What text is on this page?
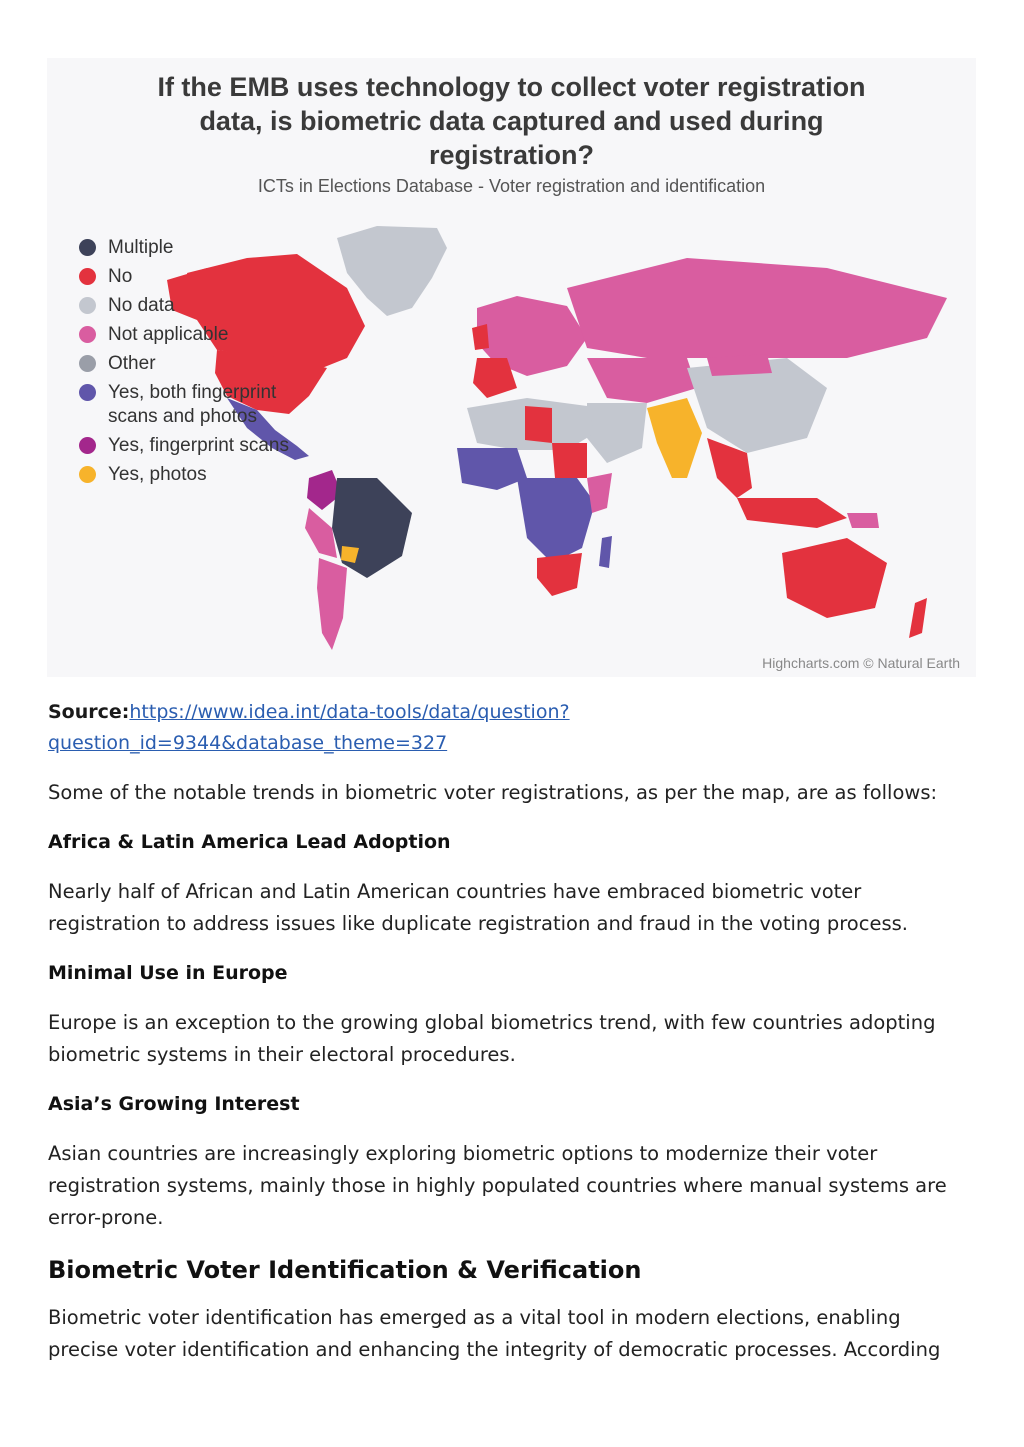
If the EMB uses technology to collect voter registration
data, is biometric data captured and used during
registration?
ICTs in Elections Database - Voter registration and identification
Multiple
No
No data
Not applicable
Other
Yes, both fingerprint scans and photos
Yes, fingerprint scans
Yes, photos
Highcharts.com © Natural Earth
Source:https://www.idea.int/data-tools/data/question?question_id=9344&database_theme=327

Some of the notable trends in biometric voter registrations, as per the map, are as follows:

Africa & Latin America Lead Adoption

Nearly half of African and Latin American countries have embraced biometric voter registration to address issues like duplicate registration and fraud in the voting process.

Minimal Use in Europe

Europe is an exception to the growing global biometrics trend, with few countries adopting biometric systems in their electoral procedures.

Asia’s Growing Interest

Asian countries are increasingly exploring biometric options to modernize their voter registration systems, mainly those in highly populated countries where manual systems are error-prone.

Biometric Voter Identification & Verification

Biometric voter identification has emerged as a vital tool in modern elections, enabling precise voter identification and enhancing the integrity of democratic processes. According
